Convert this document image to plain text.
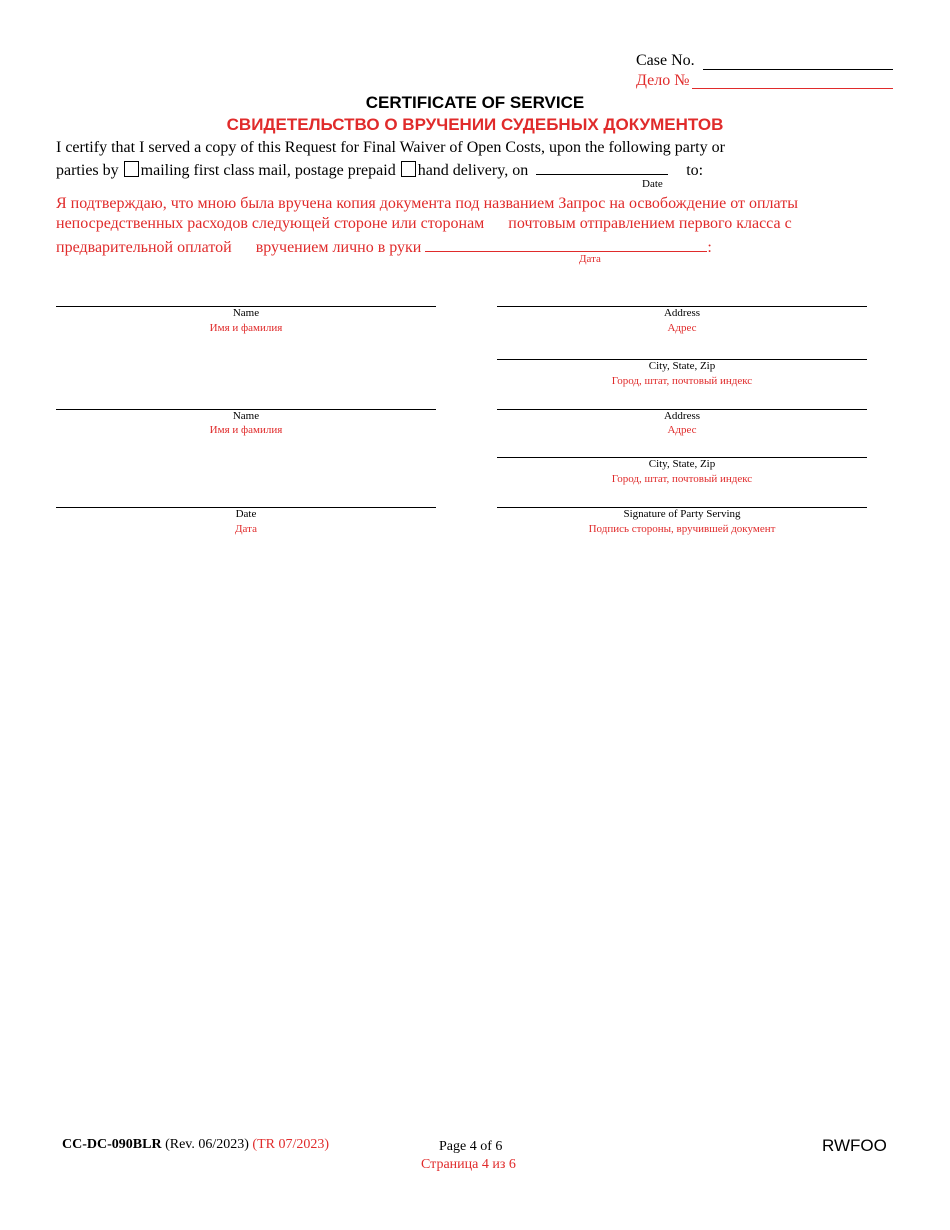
Case No.
Дело №
CERTIFICATE OF SERVICE
СВИДЕТЕЛЬСТВО О ВРУЧЕНИИ СУДЕБНЫХ ДОКУМЕНТОВ
I certify that I served a copy of this Request for Final Waiver of Open Costs, upon the following party or
parties by mailing first class mail, postage prepaid hand delivery, on	to:
Date
Я подтверждаю, что мною была вручена копия документа под названием Запрос на освобождение от оплаты
непосредственных расходов следующей стороне или сторонам почтовым отправлением первого класса с
предварительной оплатой вручением лично в руки	:
Дата
Name
Имя и фамилия
Address
Адрес
City, State, Zip
Город, штат, почтовый индекс
Name
Имя и фамилия
Address
Адрес
City, State, Zip
Город, штат, почтовый индекс
Date
Дата
Signature of Party Serving
Подпись стороны, вручившей документ
CC-DC-090BLR (Rev. 06/2023) (TR 07/2023)	Page 4 of 6
Страница 4 из 6
RWFOO
